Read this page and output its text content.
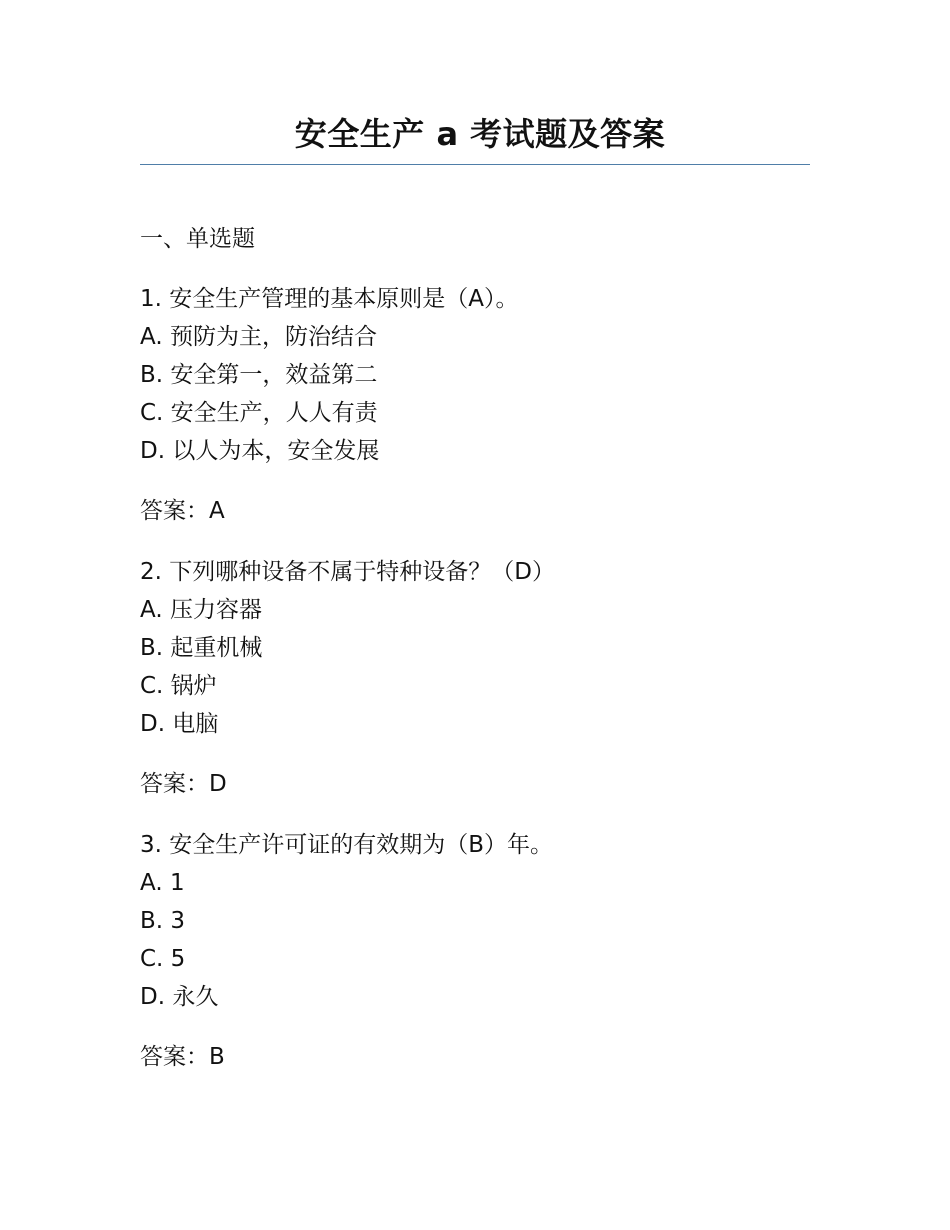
安全生产 a 考试题及答案

一、单选题

1. 安全生产管理的基本原则是（A）。

A. 预防为主，防治结合

B. 安全第一，效益第二

C. 安全生产，人人有责

D. 以人为本，安全发展

答案：A

2. 下列哪种设备不属于特种设备？（D）

A. 压力容器

B. 起重机械

C. 锅炉

D. 电脑

答案：D

3. 安全生产许可证的有效期为（B）年。

A. 1

B. 3

C. 5

D. 永久

答案：B
